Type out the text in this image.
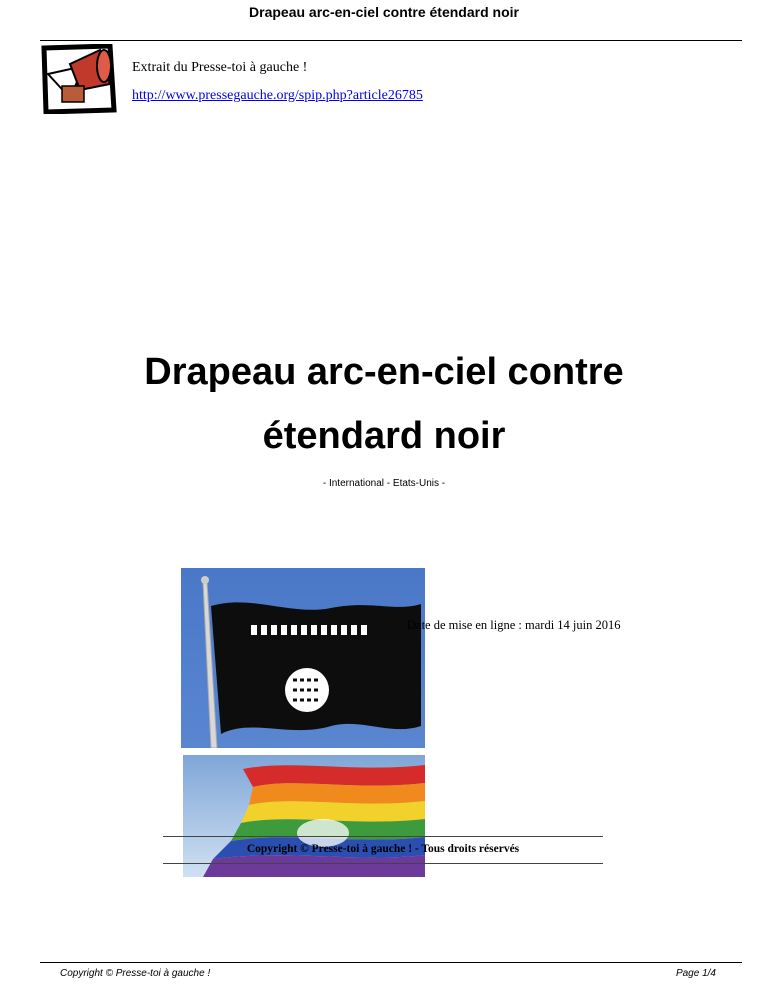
Drapeau arc-en-ciel contre étendard noir
Extrait du Presse-toi à gauche !
http://www.pressegauche.org/spip.php?article26785
Drapeau arc-en-ciel contre
étendard noir
- International - Etats-Unis -
Date de mise en ligne : mardi 14 juin 2016
Copyright © Presse-toi à gauche ! - Tous droits réservés
Copyright © Presse-toi à gauche !	Page 1/4
